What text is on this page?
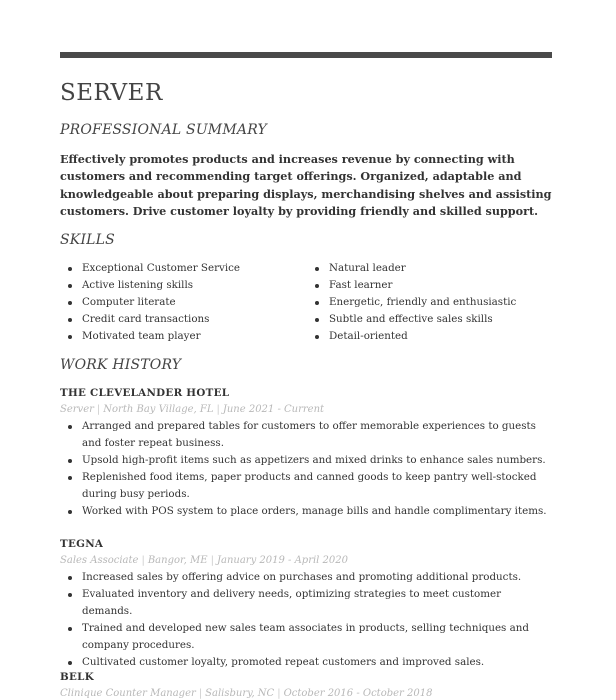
SERVER
PROFESSIONAL SUMMARY

Effectively promotes products and increases revenue by connecting with customers and recommending target offerings. Organized, adaptable and knowledgeable about preparing displays, merchandising shelves and assisting customers. Drive customer loyalty by providing friendly and skilled support.

SKILLS
Exceptional Customer Service
Active listening skills
Computer literate
Credit card transactions
Motivated team player
Natural leader
Fast learner
Energetic, friendly and enthusiastic
Subtle and effective sales skills
Detail-oriented
WORK HISTORY

THE CLEVELANDER HOTEL

Server | North Bay Village, FL | June 2021 - Current

Arranged and prepared tables for customers to offer memorable experiences to guests and foster repeat business.
Upsold high-profit items such as appetizers and mixed drinks to enhance sales numbers.
Replenished food items, paper products and canned goods to keep pantry well-stocked during busy periods.
Worked with POS system to place orders, manage bills and handle complimentary items.

TEGNA

Sales Associate | Bangor, ME | January 2019 - April 2020

Increased sales by offering advice on purchases and promoting additional products.
Evaluated inventory and delivery needs, optimizing strategies to meet customer demands.
Trained and developed new sales team associates in products, selling techniques and company procedures.
Cultivated customer loyalty, promoted repeat customers and improved sales.

BELK

Clinique Counter Manager | Salisbury, NC | October 2016 - October 2018
